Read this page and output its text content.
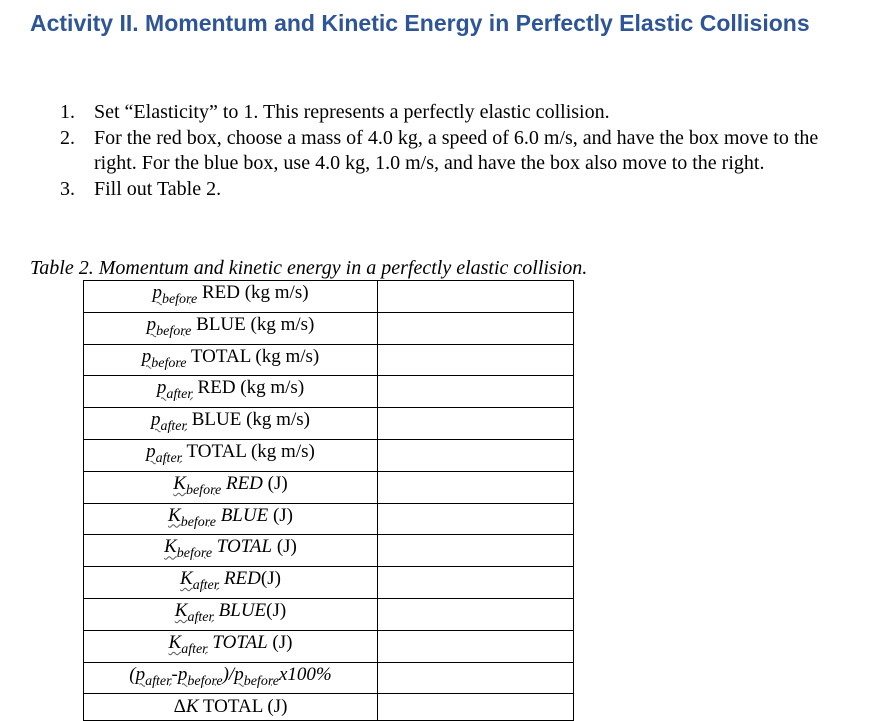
Activity II. Momentum and Kinetic Energy in Perfectly Elastic Collisions
1. Set “Elasticity” to 1. This represents a perfectly elastic collision.
2. For the red box, choose a mass of 4.0 kg, a speed of 6.0 m/s, and have the box move to the right. For the blue box, use 4.0 kg, 1.0 m/s, and have the box also move to the right.
3. Fill out Table 2.

Table 2. Momentum and kinetic energy in a perfectly elastic collision.

$p_{before}$ RED (kg m/s)	
$p_{before}$ BLUE (kg m/s)	
$p_{before}$ TOTAL (kg m/s)	
$p_{after}$ RED (kg m/s)	
$p_{after}$ BLUE (kg m/s)	
$p_{after}$ TOTAL (kg m/s)	
$K_{before}$ RED (J)	
$K_{before}$ BLUE (J)	
$K_{before}$ TOTAL (J)	
$K_{after}$ RED(J)	
$K_{after}$ BLUE(J)	
$K_{after}$ TOTAL (J)	
$(p_{after}-p_{before})/p_{before}x100\%$	
ΔK TOTAL (J)	
